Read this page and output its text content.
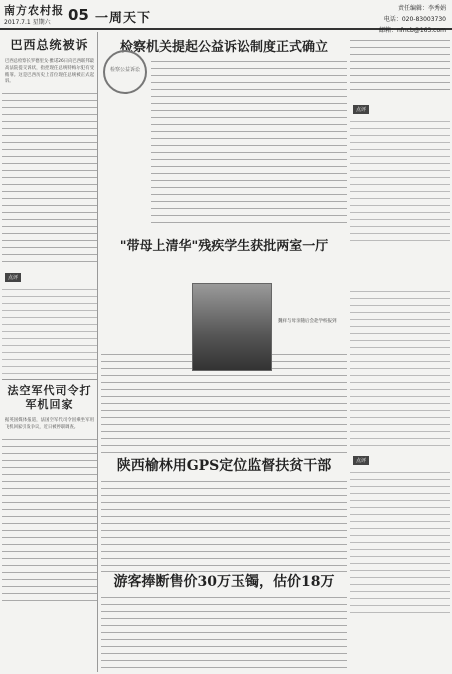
南方农村报
2017.7.1 星期六 05 一周天下
责任编辑：李秀娟
电话：020-83003730
邮箱：nfncb@163.com
巴西总统被诉
巴西总检察长罗德里戈·雅诺26日向巴西联邦最高法院提交诉状，指控现任总统特梅尔犯有受贿罪。这是巴西历史上首位现任总统被正式起诉。
点评
法空军代司令打军机回家
据英国媒体报道，法国空军代司令因乘坐军用飞机回家引发争议，近日被停职调查。
检察机关提起公益诉讼制度正式确立
"带母上清华"残疾学生获批两室一厅
陕西榆林用GPS定位监督扶贫干部
游客捧断售价30万玉镯，估价18万
检察公益诉讼
魏祥与母亲随后会赴学校报到
点评
点评
